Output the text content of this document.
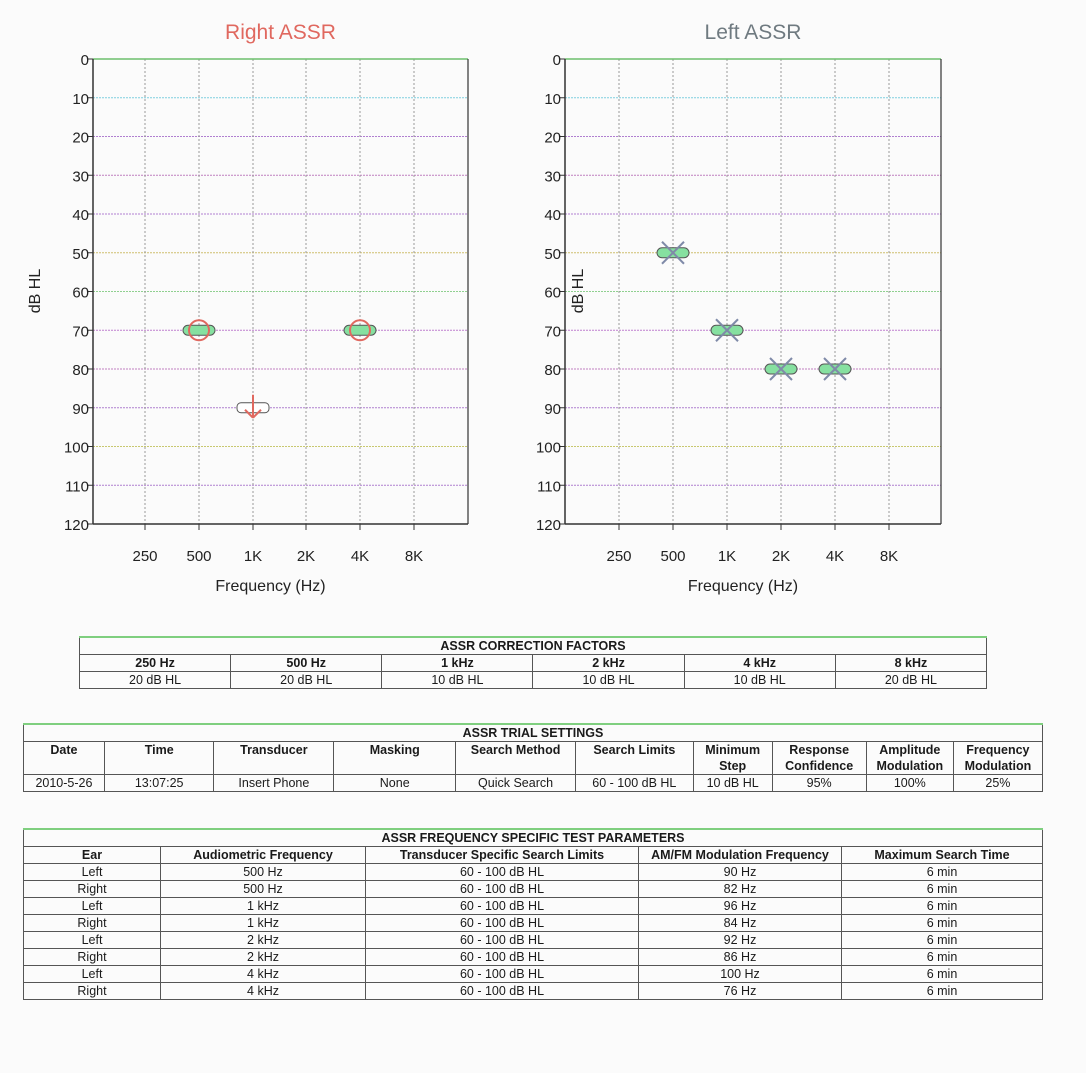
Right ASSR
dB HL
Frequency (Hz)
0
10
20
30
40
50
60
70
80
90
100
110
120
250 500 1K 2K 4K 8K
Left ASSR
dB HL
Frequency (Hz)
0
10
20
30
40
50
60
70
80
90
100
110
120
250 500 1K 2K 4K 8K
ASSR CORRECTION FACTORS					
250 Hz	500 Hz	1 kHz	2 kHz	4 kHz	8 kHz
20 dB HL	20 dB HL	10 dB HL	10 dB HL	10 dB HL	20 dB HL
ASSR TRIAL SETTINGS									
Date	Time	Transducer	Masking	Search Method	Search Limits	Minimum Step	Response Confidence	Amplitude Modulation	Frequency Modulation
2010-5-26	13:07:25	Insert Phone	None	Quick Search	60 - 100 dB HL	10 dB HL	95%	100%	25%
ASSR FREQUENCY SPECIFIC TEST PARAMETERS				
Ear	Audiometric Frequency	Transducer Specific Search Limits	AM/FM Modulation Frequency	Maximum Search Time
Left	500 Hz	60 - 100 dB HL	90 Hz	6 min
Right	500 Hz	60 - 100 dB HL	82 Hz	6 min
Left	1 kHz	60 - 100 dB HL	96 Hz	6 min
Right	1 kHz	60 - 100 dB HL	84 Hz	6 min
Left	2 kHz	60 - 100 dB HL	92 Hz	6 min
Right	2 kHz	60 - 100 dB HL	86 Hz	6 min
Left	4 kHz	60 - 100 dB HL	100 Hz	6 min
Right	4 kHz	60 - 100 dB HL	76 Hz	6 min
